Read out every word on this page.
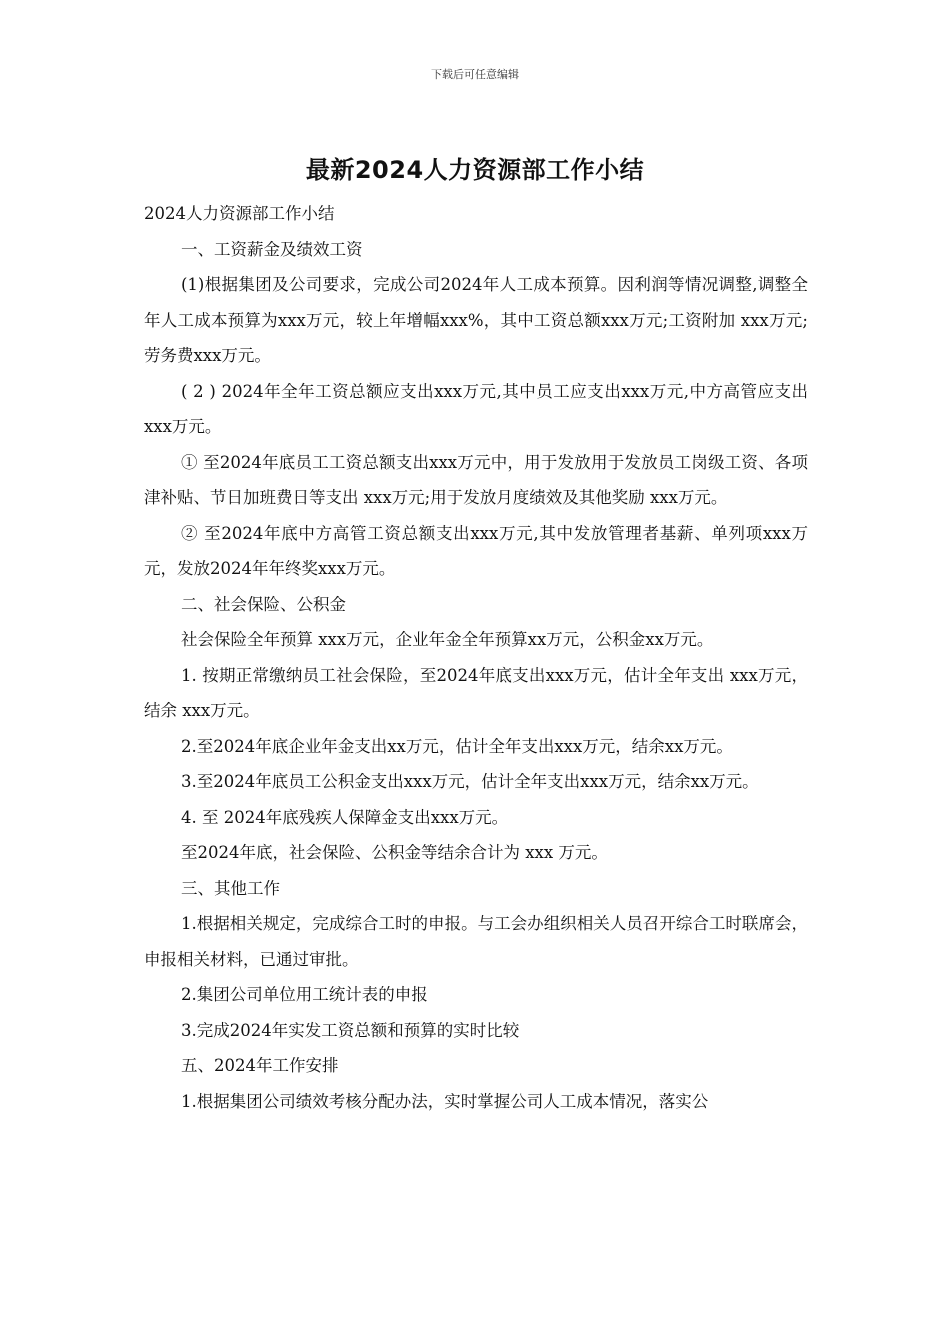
下载后可任意编辑
最新2024人力资源部工作小结

2024人力资源部工作小结

一、工资薪金及绩效工资

(1)根据集团及公司要求，完成公司2024年人工成本预算。因利润等情况调整,调整全年人工成本预算为xxx万元，较上年增幅xxx%，其中工资总额xxx万元;工资附加 xxx万元;劳务费xxx万元。

( 2 ) 2024年全年工资总额应支出xxx万元,其中员工应支出xxx万元,中方高管应支出xxx万元。

① 至2024年底员工工资总额支出xxx万元中，用于发放用于发放员工岗级工资、各项津补贴、节日加班费日等支出 xxx万元;用于发放月度绩效及其他奖励 xxx万元。

② 至2024年底中方高管工资总额支出xxx万元,其中发放管理者基薪、单列项xxx万元，发放2024年年终奖xxx万元。

二、社会保险、公积金

社会保险全年预算 xxx万元，企业年金全年预算xx万元，公积金xx万元。

1. 按期正常缴纳员工社会保险，至2024年底支出xxx万元，估计全年支出 xxx万元，结余 xxx万元。

2.至2024年底企业年金支出xx万元，估计全年支出xxx万元，结余xx万元。

3.至2024年底员工公积金支出xxx万元，估计全年支出xxx万元，结余xx万元。

4. 至 2024年底残疾人保障金支出xxx万元。

至2024年底，社会保险、公积金等结余合计为 xxx 万元。

三、其他工作

1.根据相关规定，完成综合工时的申报。与工会办组织相关人员召开综合工时联席会，申报相关材料，已通过审批。

2.集团公司单位用工统计表的申报

3.完成2024年实发工资总额和预算的实时比较

五、2024年工作安排

1.根据集团公司绩效考核分配办法，实时掌握公司人工成本情况，落实公
